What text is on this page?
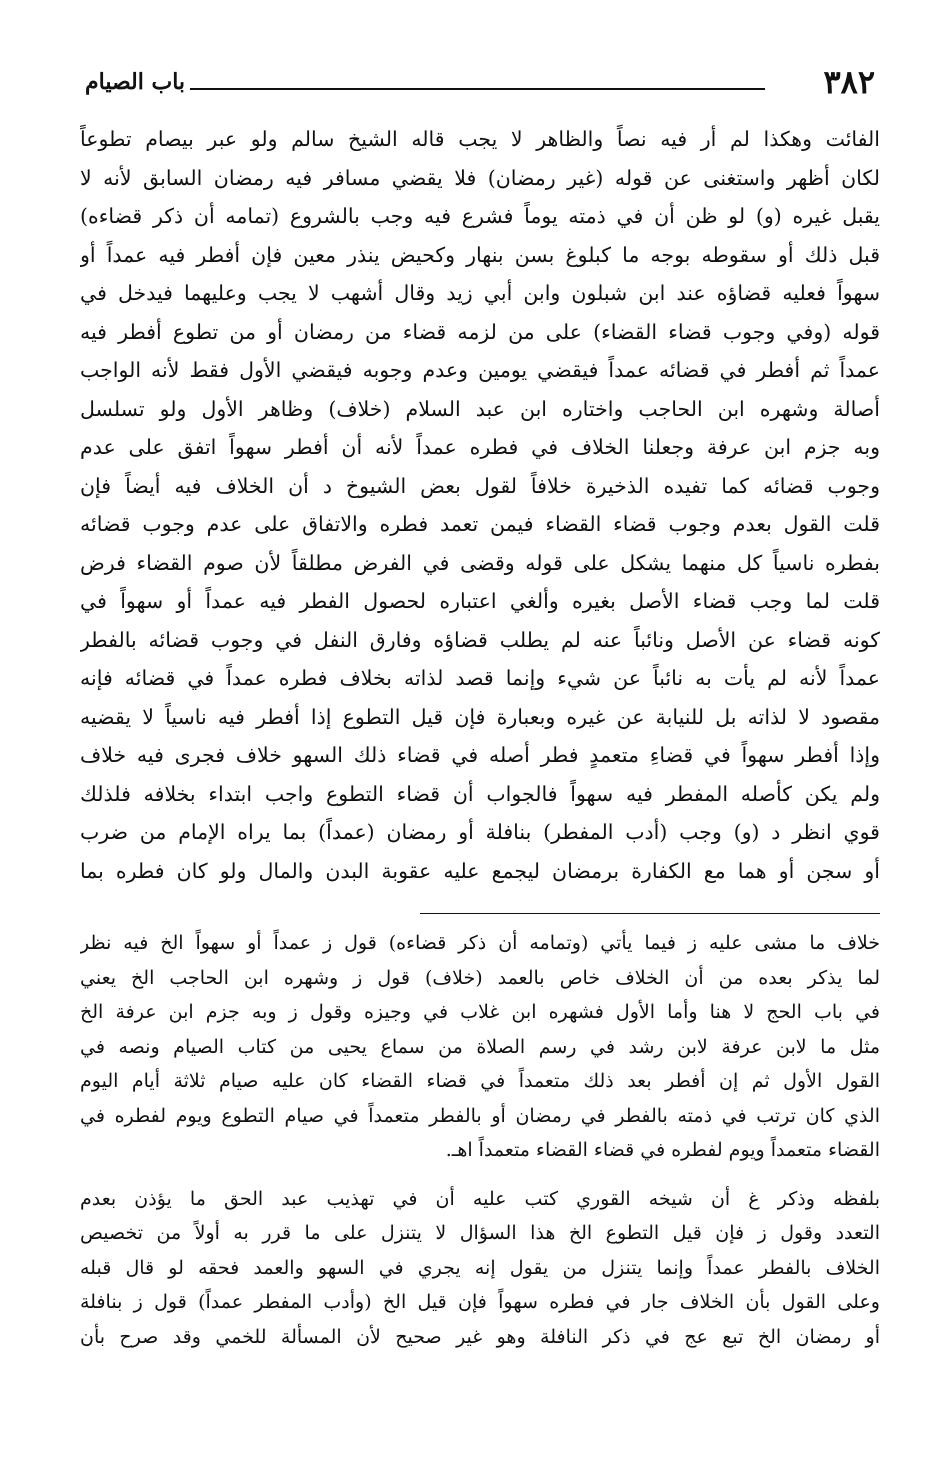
٣٨٢
باب الصيام
الفائت وهكذا لم أر فيه نصاً والظاهر لا يجب قاله الشيخ سالم ولو عبر بيصام تطوعاً
لكان أظهر واستغنى عن قوله (غير رمضان) فلا يقضي مسافر فيه رمضان السابق لأنه لا
يقبل غيره (و) لو ظن أن في ذمته يوماً فشرع فيه وجب بالشروع (تمامه أن ذكر قضاءه)
قبل ذلك أو سقوطه بوجه ما كبلوغ بسن بنهار وكحيض ينذر معين فإن أفطر فيه عمداً أو
سهواً فعليه قضاؤه عند ابن شبلون وابن أبي زيد وقال أشهب لا يجب وعليهما فيدخل في
قوله (وفي وجوب قضاء القضاء) على من لزمه قضاء من رمضان أو من تطوع أفطر فيه
عمداً ثم أفطر في قضائه عمداً فيقضي يومين وعدم وجوبه فيقضي الأول فقط لأنه الواجب
أصالة وشهره ابن الحاجب واختاره ابن عبد السلام (خلاف) وظاهر الأول ولو تسلسل
وبه جزم ابن عرفة وجعلنا الخلاف في فطره عمداً لأنه أن أفطر سهواً اتفق على عدم
وجوب قضائه كما تفيده الذخيرة خلافاً لقول بعض الشيوخ د أن الخلاف فيه أيضاً فإن
قلت القول بعدم وجوب قضاء القضاء فيمن تعمد فطره والاتفاق على عدم وجوب قضائه
بفطره ناسياً كل منهما يشكل على قوله وقضى في الفرض مطلقاً لأن صوم القضاء فرض
قلت لما وجب قضاء الأصل بغيره وألغي اعتباره لحصول الفطر فيه عمداً أو سهواً في
كونه قضاء عن الأصل ونائباً عنه لم يطلب قضاؤه وفارق النفل في وجوب قضائه بالفطر
عمداً لأنه لم يأت به نائباً عن شيء وإنما قصد لذاته بخلاف فطره عمداً في قضائه فإنه
مقصود لا لذاته بل للنيابة عن غيره وبعبارة فإن قيل التطوع إذا أفطر فيه ناسياً لا يقضيه
وإذا أفطر سهواً في قضاءِ متعمدٍ فطر أصله في قضاء ذلك السهو خلاف فجرى فيه خلاف
ولم يكن كأصله المفطر فيه سهواً فالجواب أن قضاء التطوع واجب ابتداء بخلافه فلذلك
قوي انظر د (و) وجب (أدب المفطر) بنافلة أو رمضان (عمداً) بما يراه الإمام من ضرب
أو سجن أو هما مع الكفارة برمضان ليجمع عليه عقوبة البدن والمال ولو كان فطره بما

خلاف ما مشى عليه ز فيما يأتي (وتمامه أن ذكر قضاءه) قول ز عمداً أو سهواً الخ فيه نظر
لما يذكر بعده من أن الخلاف خاص بالعمد (خلاف) قول ز وشهره ابن الحاجب الخ يعني
في باب الحج لا هنا وأما الأول فشهره ابن غلاب في وجيزه وقول ز وبه جزم ابن عرفة الخ
مثل ما لابن عرفة لابن رشد في رسم الصلاة من سماع يحيى من كتاب الصيام ونصه في
القول الأول ثم إن أفطر بعد ذلك متعمداً في قضاء القضاء كان عليه صيام ثلاثة أيام اليوم
الذي كان ترتب في ذمته بالفطر في رمضان أو بالفطر متعمداً في صيام التطوع ويوم لفطره في
القضاء متعمداً ويوم لفطره في قضاء القضاء متعمداً اهـ.

بلفظه وذكر غ أن شيخه القوري كتب عليه أن في تهذيب عبد الحق ما يؤذن بعدم
التعدد وقول ز فإن قيل التطوع الخ هذا السؤال لا يتنزل على ما قرر به أولاً من تخصيص
الخلاف بالفطر عمداً وإنما يتنزل من يقول إنه يجري في السهو والعمد فحقه لو قال قبله
وعلى القول بأن الخلاف جار في فطره سهواً فإن قيل الخ (وأدب المفطر عمداً) قول ز بنافلة
أو رمضان الخ تبع عج في ذكر النافلة وهو غير صحيح لأن المسألة للخمي وقد صرح بأن
